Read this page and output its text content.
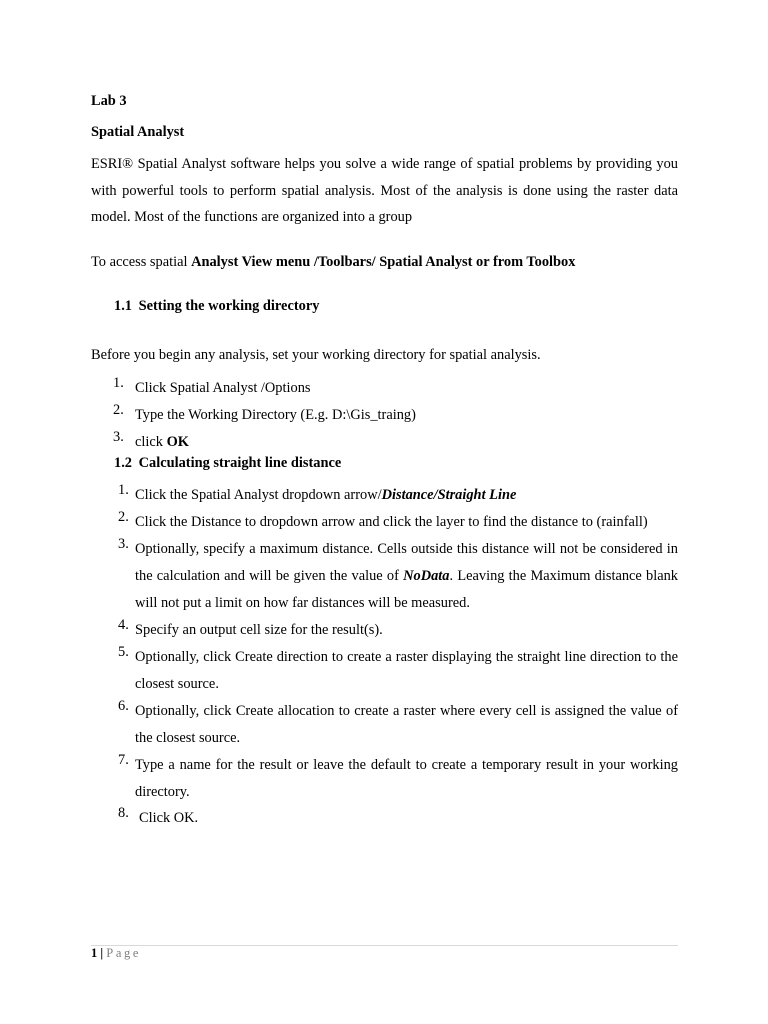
Lab 3
Spatial Analyst
ESRI® Spatial Analyst software helps you solve a wide range of spatial problems by providing you with powerful tools to perform spatial analysis. Most of the analysis is done using the raster data model. Most of the functions are organized into a group
To access spatial Analyst View menu /Toolbars/ Spatial Analyst or from Toolbox
1.1 Setting the working directory
Before you begin any analysis, set your working directory for spatial analysis.
1. Click Spatial Analyst /Options
2. Type the Working Directory (E.g. D:\Gis_traing)
3. click OK
1.2 Calculating straight line distance
1. Click the Spatial Analyst dropdown arrow/Distance/Straight Line
2. Click the Distance to dropdown arrow and click the layer to find the distance to (rainfall)
3. Optionally, specify a maximum distance. Cells outside this distance will not be considered in the calculation and will be given the value of NoData. Leaving the Maximum distance blank will not put a limit on how far distances will be measured.
4. Specify an output cell size for the result(s).
5. Optionally, click Create direction to create a raster displaying the straight line direction to the closest source.
6. Optionally, click Create allocation to create a raster where every cell is assigned the value of the closest source.
7. Type a name for the result or leave the default to create a temporary result in your working directory.
8. Click OK.
1 | Page
